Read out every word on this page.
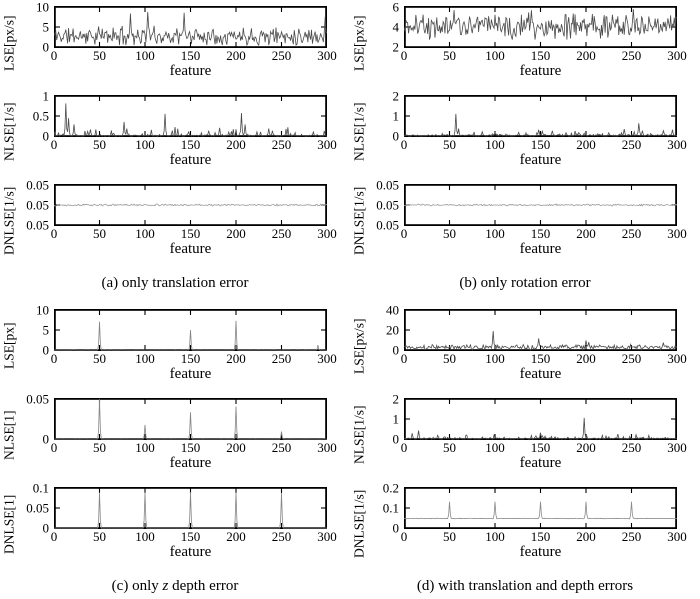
LSE[px/s] 0
5
10
0	50 100 150 200 250 300
feature
NLSE[1/s] 0
0.5
1
0	50 100 150 200 250 300
feature
DNLSE[1/s] 0.05
0.05
0.05
0	50 100 150 200 250 300
feature
(a) only translation error
LSE[px/s] 2
4
6
0	50 100 150 200 250 300
feature
NLSE[1/s] 0
1
2
0	50 100 150 200 250 300
feature
DNLSE[1/s] 0.05
0.05
0.05
0	50 100 150 200 250 300
feature
(b) only rotation error
LSE[px] 0
5
10
0	50 100 150 200 250 300
feature
NLSE[1] 0
0.05
0	50 100 150 200 250 300
feature
DNLSE[1] 0
0.05
0.1
0	50 100 150 200 250 300
feature
(c) only z depth error
LSE[px/s] 0
20
40
0	50 100 150 200 250 300
feature
NLSE[1/s] 0
1
2
0	50 100 150 200 250 300
feature
DNLSE[1/s] 0
0.1
0.2
0	50 100 150 200 250 300
feature
(d) with translation and depth errors
